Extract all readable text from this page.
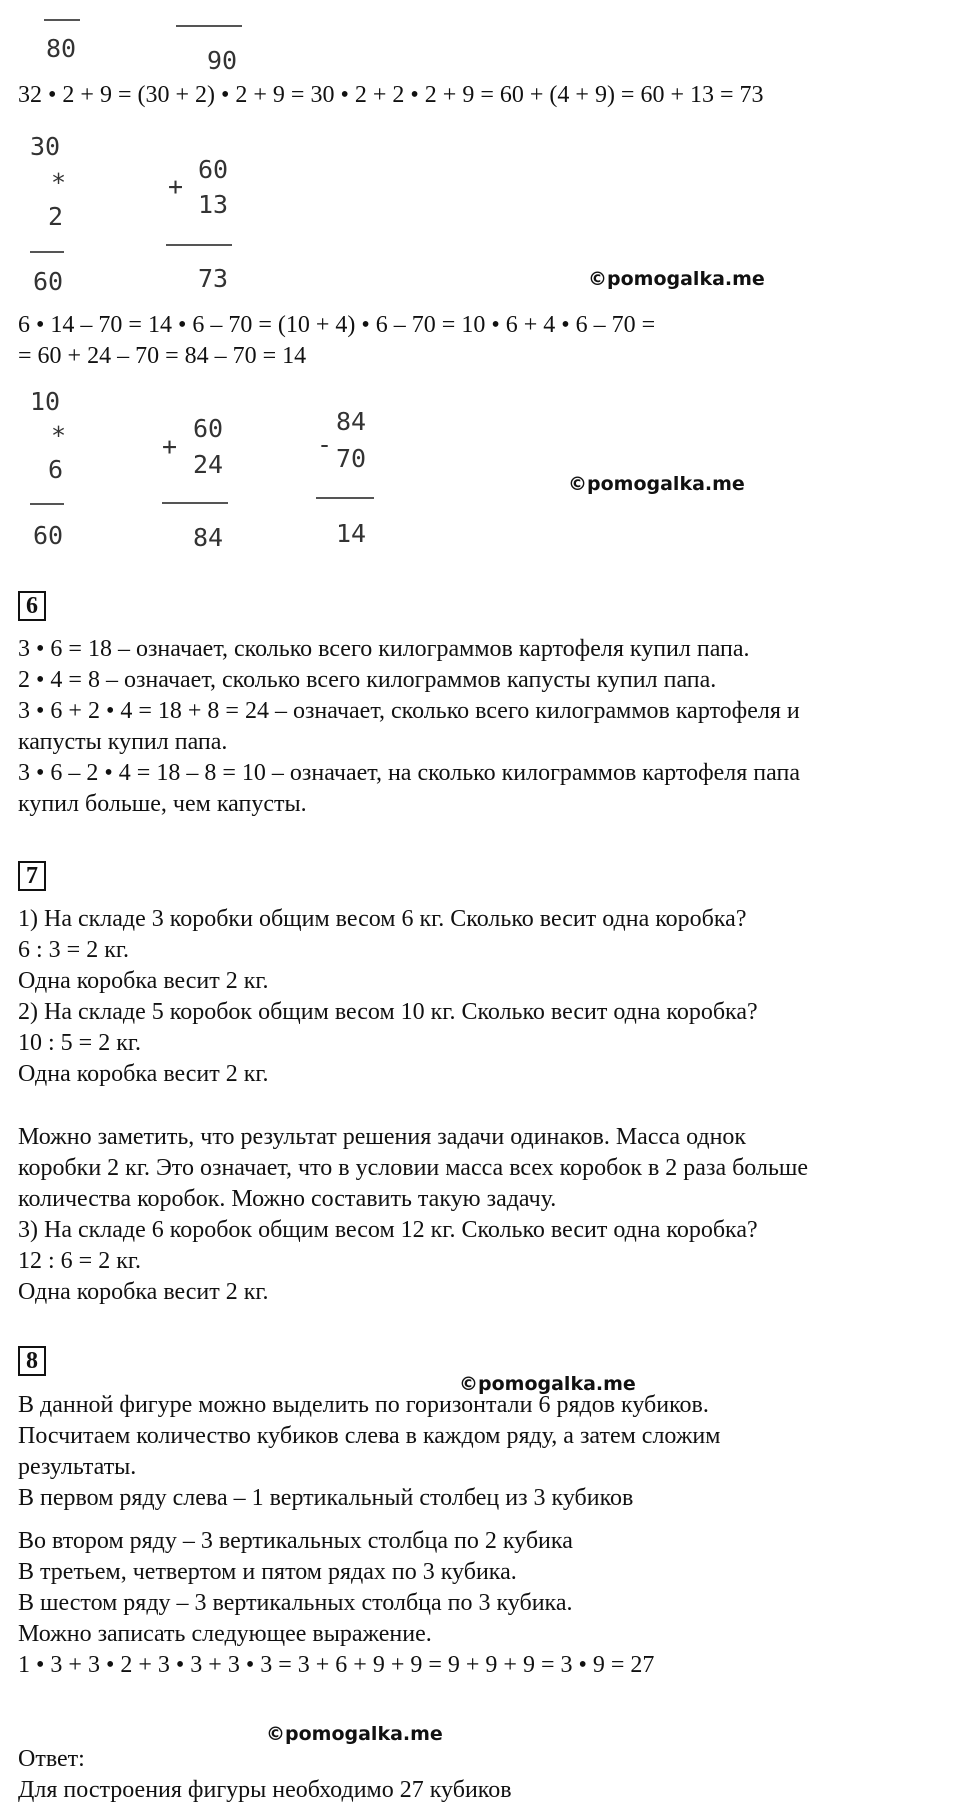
80	90
32 • 2 + 9 = (30 + 2) • 2 + 9 = 30 • 2 + 2 • 2 + 9 = 60 + (4 + 9) = 60 + 13 = 73
30
*
2
60
+
60
13
73	©pomogalka.me
6 • 14 – 70 = 14 • 6 – 70 = (10 + 4) • 6 – 70 = 10 • 6 + 4 • 6 – 70 =
= 60 + 24 – 70 = 84 – 70 = 14
10
*
6
60
+
60
24
84
-
84
70
14
©pomogalka.me
6
3 • 6 = 18 – означает, сколько всего килограммов картофеля купил папа.
2 • 4 = 8 – означает, сколько всего килограммов капусты купил папа.
3 • 6 + 2 • 4 = 18 + 8 = 24 – означает, сколько всего килограммов картофеля и
капусты купил папа.
3 • 6 – 2 • 4 = 18 – 8 = 10 – означает, на сколько килограммов картофеля папа
купил больше, чем капусты.
7
1) На складе 3 коробки общим весом 6 кг. Сколько весит одна коробка?
6 : 3 = 2 кг.
Одна коробка весит 2 кг.
2) На складе 5 коробок общим весом 10 кг. Сколько весит одна коробка?
10 : 5 = 2 кг.
Одна коробка весит 2 кг.
Можно заметить, что результат решения задачи одинаков. Масса однок
коробки 2 кг. Это означает, что в условии масса всех коробок в 2 раза больше
количества коробок. Можно составить такую задачу.
3) На складе 6 коробок общим весом 12 кг. Сколько весит одна коробка?
12 : 6 = 2 кг.
Одна коробка весит 2 кг.
8
©pomogalka.me
В данной фигуре можно выделить по горизонтали 6 рядов кубиков.
Посчитаем количество кубиков слева в каждом ряду, а затем сложим
результаты.
В первом ряду слева – 1 вертикальный столбец из 3 кубиков
Во втором ряду – 3 вертикальных столбца по 2 кубика
В третьем, четвертом и пятом рядах по 3 кубика.
В шестом ряду – 3 вертикальных столбца по 3 кубика.
Можно записать следующее выражение.
1 • 3 + 3 • 2 + 3 • 3 + 3 • 3 = 3 + 6 + 9 + 9 = 9 + 9 + 9 = 3 • 9 = 27
©pomogalka.me
Ответ:
Для построения фигуры необходимо 27 кубиков
